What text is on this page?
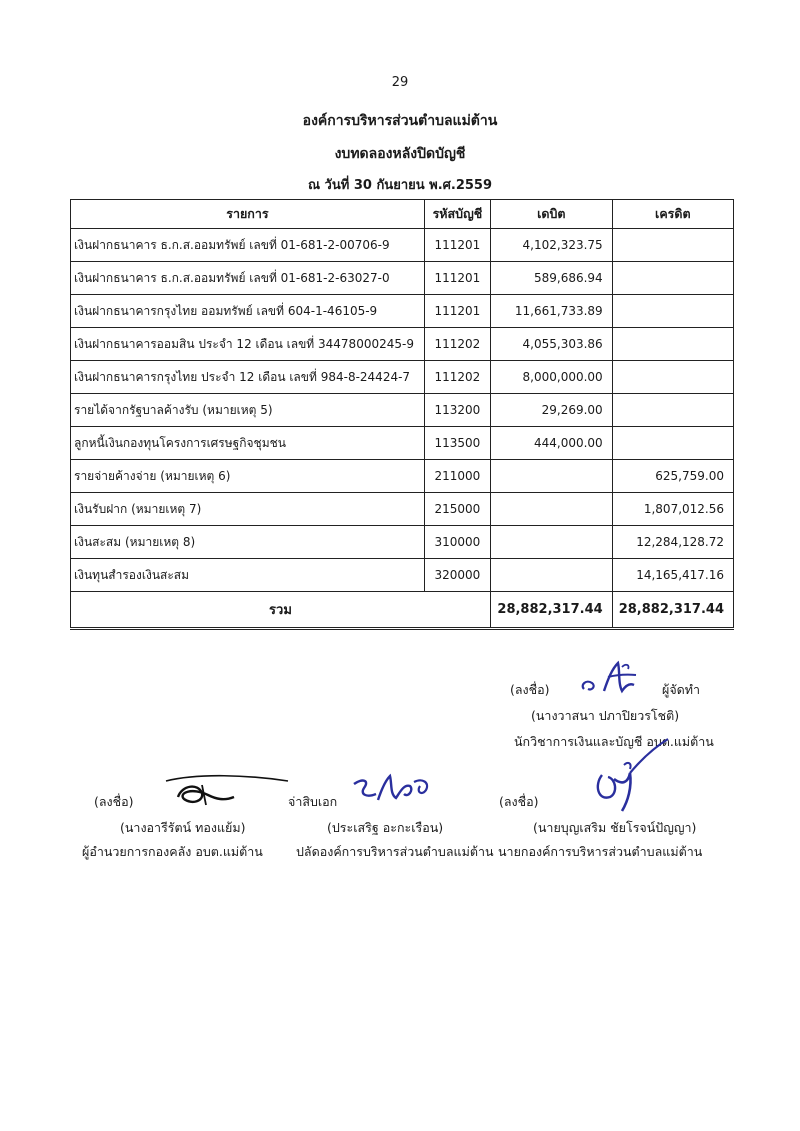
29
องค์การบริหารส่วนตำบลแม่ต้าน
งบทดลองหลังปิดบัญชี
ณ วันที่ 30 กันยายน พ.ศ.2559
รายการ	รหัสบัญชี	เดบิต	เครดิต
เงินฝากธนาคาร ธ.ก.ส.ออมทรัพย์ เลขที่ 01-681-2-00706-9	111201	4,102,323.75	
เงินฝากธนาคาร ธ.ก.ส.ออมทรัพย์ เลขที่ 01-681-2-63027-0	111201	589,686.94	
เงินฝากธนาคารกรุงไทย ออมทรัพย์ เลขที่ 604-1-46105-9	111201	11,661,733.89	
เงินฝากธนาคารออมสิน ประจำ 12 เดือน เลขที่ 34478000245-9	111202	4,055,303.86	
เงินฝากธนาคารกรุงไทย ประจำ 12 เดือน เลขที่ 984-8-24424-7	111202	8,000,000.00	
รายได้จากรัฐบาลค้างรับ (หมายเหตุ 5)	113200	29,269.00	
ลูกหนี้เงินกองทุนโครงการเศรษฐกิจชุมชน	113500	444,000.00	
รายจ่ายค้างจ่าย (หมายเหตุ 6)	211000		625,759.00
เงินรับฝาก (หมายเหตุ 7)	215000		1,807,012.56
เงินสะสม (หมายเหตุ 8)	310000		12,284,128.72
เงินทุนสำรองเงินสะสม	320000		14,165,417.16
รวม		28,882,317.44	28,882,317.44
(ลงชื่อ)	ผู้จัดทำ
(นางวาสนา ปภาปิยวรโชติ)
นักวิชาการเงินและบัญชี อบต.แม่ต้าน
(ลงชื่อ)
(นางอารีรัตน์ ทองแย้ม)
ผู้อำนวยการกองคลัง อบต.แม่ต้าน
จ่าสิบเอก
(ประเสริฐ อะกะเรือน)
ปลัดองค์การบริหารส่วนตำบลแม่ต้าน
(ลงชื่อ)
(นายบุญเสริม ชัยโรจน์ปัญญา)
นายกองค์การบริหารส่วนตำบลแม่ต้าน
